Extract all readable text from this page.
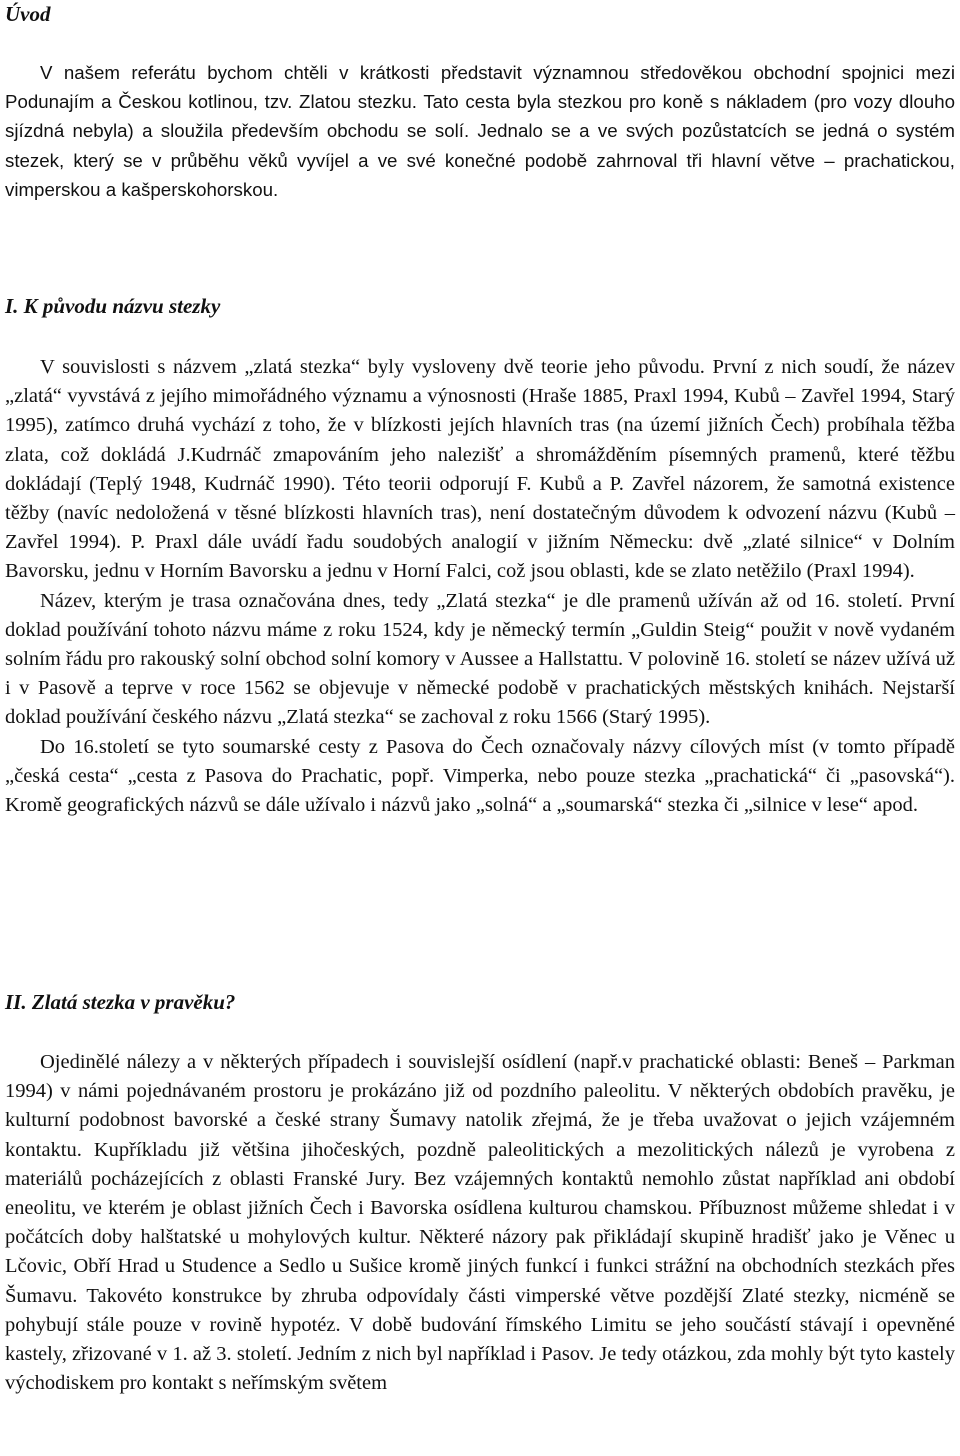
Úvod

V našem referátu bychom chtěli v krátkosti představit významnou středověkou obchodní spojnici mezi Podunajím a Českou kotlinou, tzv. Zlatou stezku. Tato cesta byla stezkou pro koně s nákladem (pro vozy dlouho sjízdná nebyla) a sloužila především obchodu se solí. Jednalo se a ve svých pozůstatcích se jedná o systém stezek, který se v průběhu věků vyvíjel a ve své konečné podobě zahrnoval tři hlavní větve – prachatickou, vimperskou a kašperskohorskou.

I. K původu názvu stezky

V souvislosti s názvem „zlatá stezka“ byly vysloveny dvě teorie jeho původu. První z nich soudí, že název „zlatá“ vyvstává z jejího mimořádného významu a výnosnosti (Hraše 1885, Praxl 1994, Kubů – Zavřel 1994, Starý 1995), zatímco druhá vychází z toho, že v blízkosti jejích hlavních tras (na území jižních Čech) probíhala těžba zlata, což dokládá J.Kudrnáč zmapováním jeho nalezišť a shromážděním písemných pramenů, které těžbu dokládají (Teplý 1948, Kudrnáč 1990). Této teorii odporují F. Kubů a P. Zavřel názorem, že samotná existence těžby (navíc nedoložená v těsné blízkosti hlavních tras), není dostatečným důvodem k odvození názvu (Kubů – Zavřel 1994). P. Praxl dále uvádí řadu soudobých analogií v jižním Německu: dvě „zlaté silnice“ v Dolním Bavorsku, jednu v Horním Bavorsku a jednu v Horní Falci, což jsou oblasti, kde se zlato netěžilo (Praxl 1994).

Název, kterým je trasa označována dnes, tedy „Zlatá stezka“ je dle pramenů užíván až od 16. století. První doklad používání tohoto názvu máme z roku 1524, kdy je německý termín „Guldin Steig“ použit v nově vydaném solním řádu pro rakouský solní obchod solní komory v Aussee a Hallstattu. V polovině 16. století se název užívá už i v Pasově a teprve v roce 1562 se objevuje v německé podobě v prachatických městských knihách. Nejstarší doklad používání českého názvu „Zlatá stezka“ se zachoval z roku 1566 (Starý 1995).

Do 16.století se tyto soumarské cesty z Pasova do Čech označovaly názvy cílových míst (v tomto případě „česká cesta“ „cesta z Pasova do Prachatic, popř. Vimperka, nebo pouze stezka „prachatická“ či „pasovská“). Kromě geografických názvů se dále užívalo i názvů jako „solná“ a „soumarská“ stezka či „silnice v lese“ apod.

II. Zlatá stezka v pravěku?

Ojedinělé nálezy a v některých případech i souvislejší osídlení (např.v prachatické oblasti: Beneš – Parkman 1994) v námi pojednávaném prostoru je prokázáno již od pozdního paleolitu. V některých obdobích pravěku, je kulturní podobnost bavorské a české strany Šumavy natolik zřejmá, že je třeba uvažovat o jejich vzájemném kontaktu. Kupříkladu již většina jihočeských, pozdně paleolitických a mezolitických nálezů je vyrobena z materiálů pocházejících z oblasti Franské Jury. Bez vzájemných kontaktů nemohlo zůstat například ani období eneolitu, ve kterém je oblast jižních Čech i Bavorska osídlena kulturou chamskou. Příbuznost můžeme shledat i v počátcích doby halštatské u mohylových kultur. Některé názory pak přikládají skupině hradišť jako je Věnec u Lčovic, Obří Hrad u Studence a Sedlo u Sušice kromě jiných funkcí i funkci strážní na obchodních stezkách přes Šumavu. Takovéto konstrukce by zhruba odpovídaly části vimperské větve pozdější Zlaté stezky, nicméně se pohybují stále pouze v rovině hypotéz. V době budování římského Limitu se jeho součástí stávají i opevněné kastely, zřizované v 1. až 3. století. Jedním z nich byl například i Pasov. Je tedy otázkou, zda mohly být tyto kastely východiskem pro kontakt s neřímským světem
